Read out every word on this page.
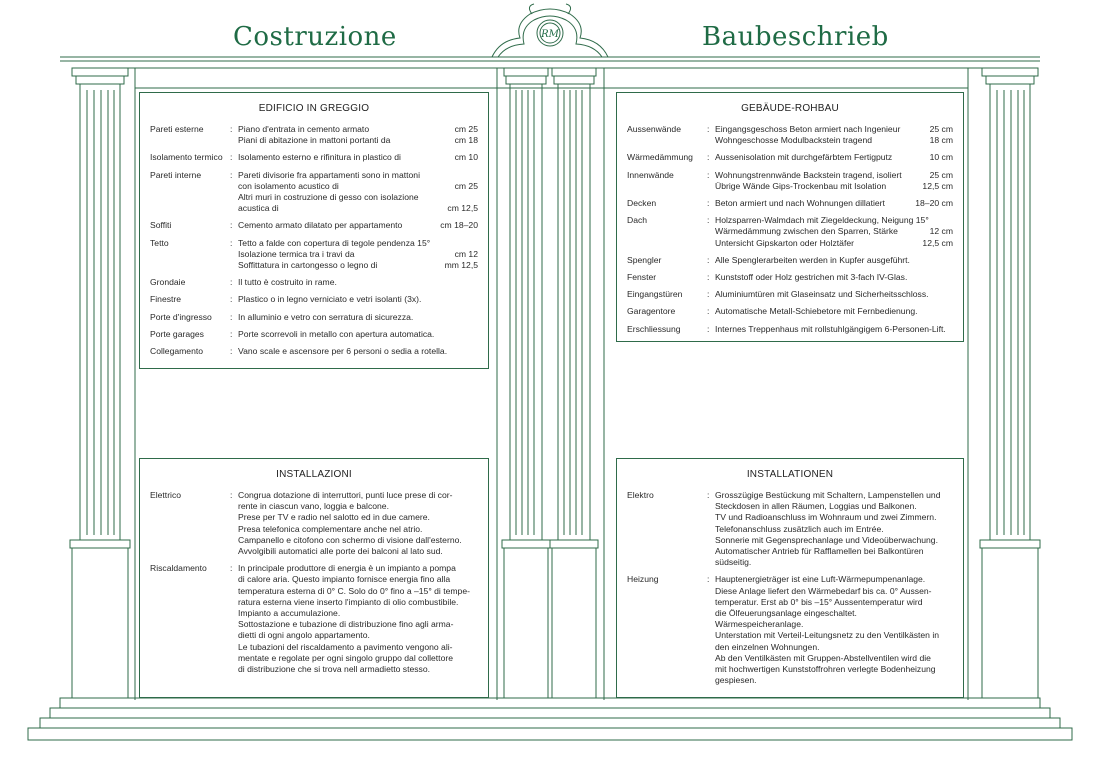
RM
Costruzione	Baubeschrieb
EDIFICIO IN GREGGIO
Pareti esterne	: Piano d'entrata in cemento armato	cm 25
Piani di abitazione in mattoni portanti da	cm 18
Isolamento termico : Isolamento esterno e rifinitura in plastico di	cm 10
Pareti interne	: Pareti divisorie fra appartamenti sono in mattoni
con isolamento acustico di	cm 25
Altri muri in costruzione di gesso con isolazione
acustica di	cm 12,5
Soffiti	: Cemento armato dilatato per appartamento	cm 18–20
Tetto	: Tetto a falde con copertura di tegole pendenza 15°
Isolazione termica tra i travi da	cm 12
Soffittatura in cartongesso o legno di	mm 12,5
Grondaie	: Il tutto è costruito in rame.
Finestre	: Plastico o in legno verniciato e vetri isolanti (3x).
Porte d'ingresso	: In alluminio e vetro con serratura di sicurezza.
Porte garages	: Porte scorrevoli in metallo con apertura automatica.
Collegamento	: Vano scale e ascensore per 6 personi o sedia a rotella.
GEBÄUDE-ROHBAU
Aussenwände	: Eingangsgeschoss Beton armiert nach Ingenieur	25 cm
Wohngeschosse Modulbackstein tragend	18 cm
Wärmedämmung	: Aussenisolation mit durchgefärbtem Fertigputz	10 cm
Innenwände	: Wohnungstrennwände Backstein tragend, isoliert	25 cm
Übrige Wände Gips-Trockenbau mit Isolation	12,5 cm
Decken	: Beton armiert und nach Wohnungen dillatiert	18–20 cm
Dach	: Holzsparren-Walmdach mit Ziegeldeckung, Neigung 15°
Wärmedämmung zwischen den Sparren, Stärke	12 cm
Untersicht Gipskarton oder Holztäfer	12,5 cm
Spengler	: Alle Spenglerarbeiten werden in Kupfer ausgeführt.
Fenster	: Kunststoff oder Holz gestrichen mit 3-fach IV-Glas.
Eingangstüren	: Aluminiumtüren mit Glaseinsatz und Sicherheitsschloss.
Garagentore	: Automatische Metall-Schiebetore mit Fernbedienung.
Erschliessung	: Internes Treppenhaus mit rollstuhlgängigem 6-Personen-Lift.
INSTALLAZIONI
Elettrico	: Congrua dotazione di interruttori, punti luce prese di cor-
rente in ciascun vano, loggia e balcone.
Prese per TV e radio nel salotto ed in due camere.
Presa telefonica complementare anche nel atrio.
Campanello e citofono con schermo di visione dall'esterno.
Avvolgibili automatici alle porte dei balconi al lato sud.
Riscaldamento	: In principale produttore di energia è un impianto a pompa
di calore aria. Questo impianto fornisce energia fino alla
temperatura esterna di 0° C. Solo do 0° fino a –15° di tempe-
ratura esterna viene inserto l'impianto di olio combustibile.
Impianto a accumulazione.
Sottostazione e tubazione di distribuzione fino agli arma-
dietti di ogni angolo appartamento.
Le tubazioni del riscaldamento a pavimento vengono ali-
mentate e regolate per ogni singolo gruppo dal collettore
di distribuzione che si trova nell armadietto stesso.
INSTALLATIONEN
Elektro	: Grosszügige Bestückung mit Schaltern, Lampenstellen und
Steckdosen in allen Räumen, Loggias und Balkonen.
TV und Radioanschluss im Wohnraum und zwei Zimmern.
Telefonanschluss zusätzlich auch im Entrée.
Sonnerie mit Gegensprechanlage und Videoüberwachung.
Automatischer Antrieb für Rafflamellen bei Balkontüren
südseitig.
Heizung	: Hauptenergieträger ist eine Luft-Wärmepumpenanlage.
Diese Anlage liefert den Wärmebedarf bis ca. 0° Aussen-
temperatur. Erst ab 0° bis –15° Aussentemperatur wird
die Ölfeuerungsanlage eingeschaltet.
Wärmespeicheranlage.
Unterstation mit Verteil-Leitungsnetz zu den Ventilkästen in
den einzelnen Wohnungen.
Ab den Ventilkästen mit Gruppen-Abstellventilen wird die
mit hochwertigen Kunststoffrohren verlegte Bodenheizung
gespiesen.
